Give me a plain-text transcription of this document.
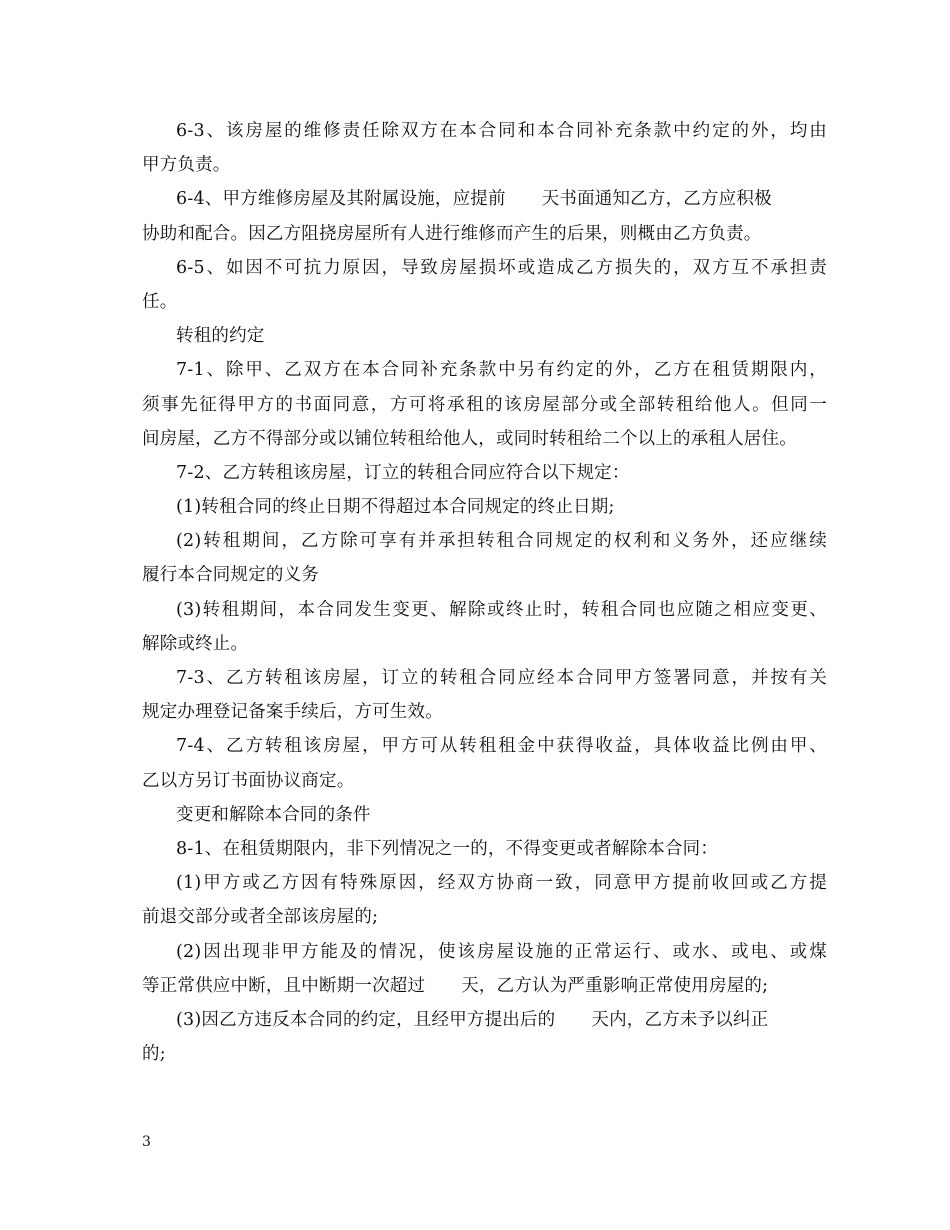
6-3、该房屋的维修责任除双方在本合同和本合同补充条款中约定的外，均由
甲方负责。
6-4、甲方维修房屋及其附属设施，应提前 天书面通知乙方，乙方应积极
协助和配合。因乙方阻挠房屋所有人进行维修而产生的后果，则概由乙方负责。
6-5、如因不可抗力原因，导致房屋损坏或造成乙方损失的，双方互不承担责
任。
转租的约定
7-1、除甲、乙双方在本合同补充条款中另有约定的外，乙方在租赁期限内，
须事先征得甲方的书面同意，方可将承租的该房屋部分或全部转租给他人。但同一
间房屋，乙方不得部分或以铺位转租给他人，或同时转租给二个以上的承租人居住。
7-2、乙方转租该房屋，订立的转租合同应符合以下规定：
(1)转租合同的终止日期不得超过本合同规定的终止日期;
(2)转租期间，乙方除可享有并承担转租合同规定的权利和义务外，还应继续
履行本合同规定的义务
(3)转租期间，本合同发生变更、解除或终止时，转租合同也应随之相应变更、
解除或终止。
7-3、乙方转租该房屋，订立的转租合同应经本合同甲方签署同意，并按有关
规定办理登记备案手续后，方可生效。
7-4、乙方转租该房屋，甲方可从转租租金中获得收益，具体收益比例由甲、
乙以方另订书面协议商定。
变更和解除本合同的条件
8-1、在租赁期限内，非下列情况之一的，不得变更或者解除本合同：
(1)甲方或乙方因有特殊原因，经双方协商一致，同意甲方提前收回或乙方提
前退交部分或者全部该房屋的;
(2)因出现非甲方能及的情况，使该房屋设施的正常运行、或水、或电、或煤
等正常供应中断，且中断期一次超过 天，乙方认为严重影响正常使用房屋的;
(3)因乙方违反本合同的约定，且经甲方提出后的 天内，乙方未予以纠正
的;
3
